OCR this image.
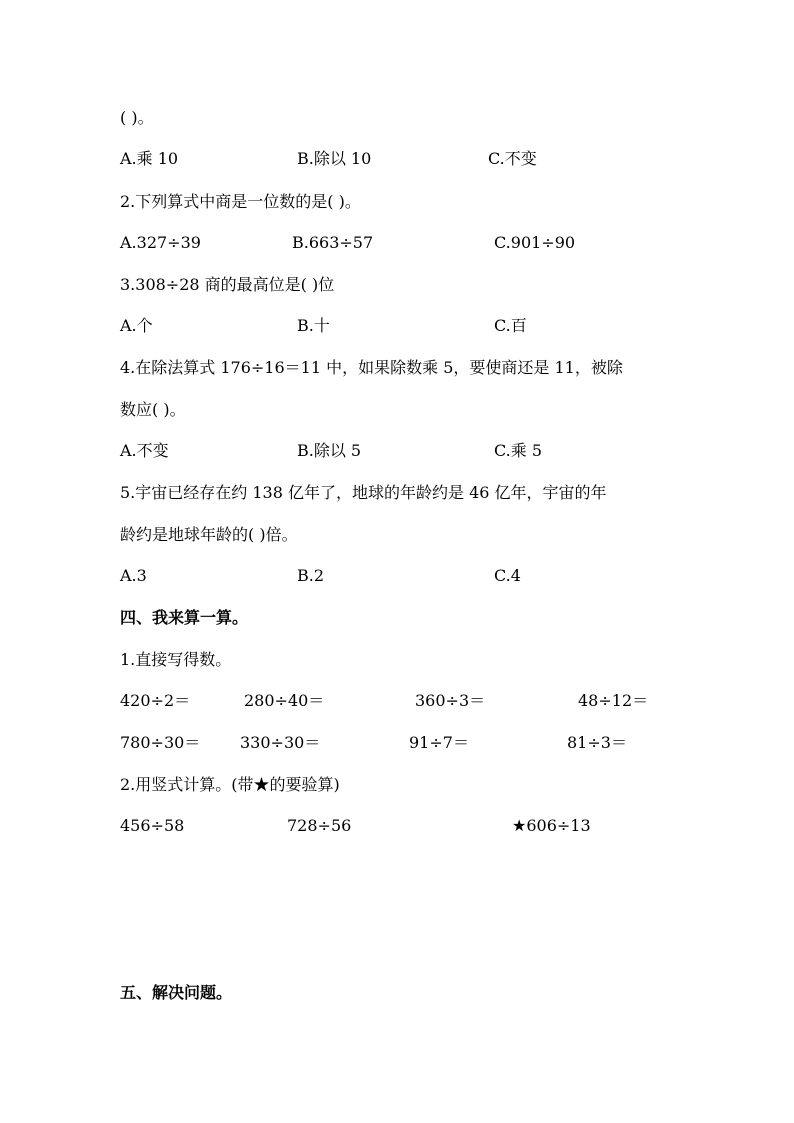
( )。
A.乘 10	B.除以 10	C.不变
2.下列算式中商是一位数的是( )。
A.327÷39	B.663÷57	C.901÷90
3.308÷28 商的最高位是( )位
A.个	B.十	C.百
4.在除法算式 176÷16＝11 中，如果除数乘 5，要使商还是 11，被除
数应( )。
A.不变	B.除以 5	C.乘 5
5.宇宙已经存在约 138 亿年了，地球的年龄约是 46 亿年，宇宙的年
龄约是地球年龄的( )倍。
A.3	B.2	C.4
四、我来算一算。
1.直接写得数。
420÷2＝	280÷40＝	360÷3＝	48÷12＝
780÷30＝ 330÷30＝	91÷7＝	81÷3＝
2.用竖式计算。(带★的要验算)
456÷58	728÷56	★606÷13
五、解决问题。
